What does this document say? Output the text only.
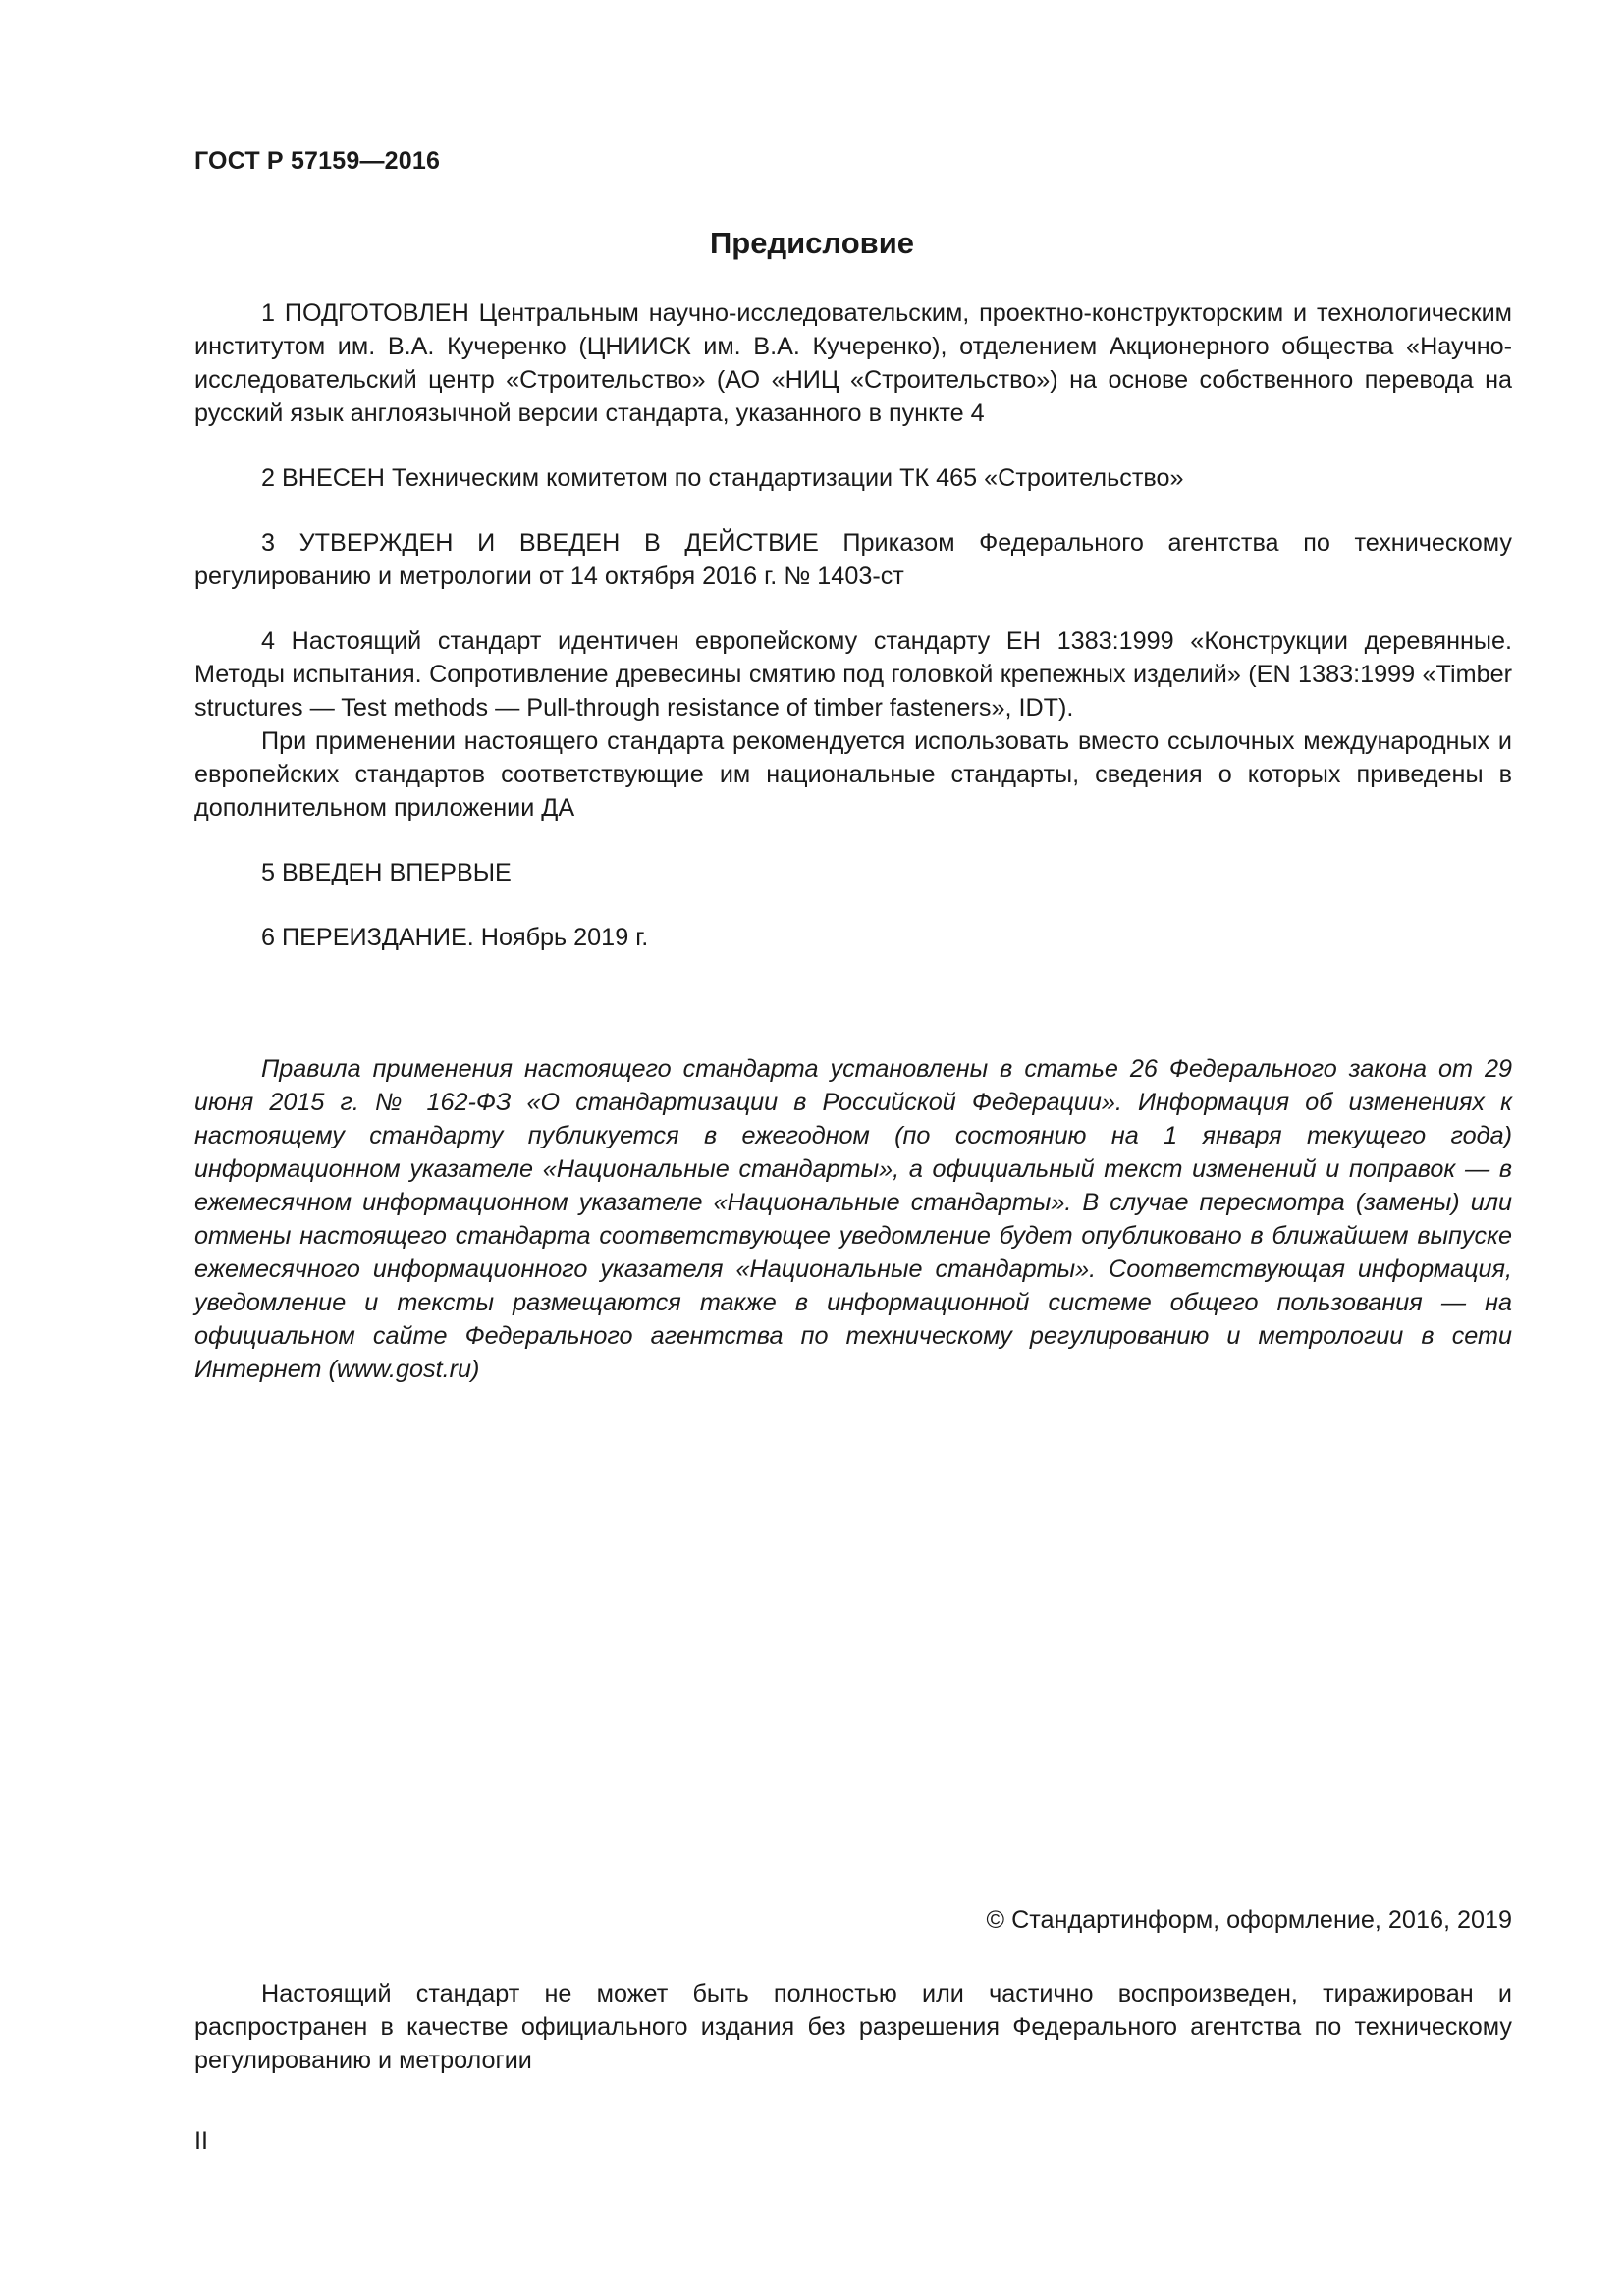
ГОСТ Р 57159—2016
Предисловие

1 ПОДГОТОВЛЕН Центральным научно-исследовательским, проектно-конструкторским и технологическим институтом им. В.А. Кучеренко (ЦНИИСК им. В.А. Кучеренко), отделением Акционерного общества «Научно-исследовательский центр «Строительство» (АО «НИЦ «Строительство») на основе собственного перевода на русский язык англоязычной версии стандарта, указанного в пункте 4

2 ВНЕСЕН Техническим комитетом по стандартизации ТК 465 «Строительство»

3 УТВЕРЖДЕН И ВВЕДЕН В ДЕЙСТВИЕ Приказом Федерального агентства по техническому регулированию и метрологии от 14 октября 2016 г. № 1403-ст

4 Настоящий стандарт идентичен европейскому стандарту ЕН 1383:1999 «Конструкции деревянные. Методы испытания. Сопротивление древесины смятию под головкой крепежных изделий» (EN 1383:1999 «Timber structures — Test methods — Pull-through resistance of timber fasteners», IDT).

При применении настоящего стандарта рекомендуется использовать вместо ссылочных международных и европейских стандартов соответствующие им национальные стандарты, сведения о которых приведены в дополнительном приложении ДА

5 ВВЕДЕН ВПЕРВЫЕ

6 ПЕРЕИЗДАНИЕ. Ноябрь 2019 г.

Правила применения настоящего стандарта установлены в статье 26 Федерального закона от 29 июня 2015 г. № 162-ФЗ «О стандартизации в Российской Федерации». Информация об изменениях к настоящему стандарту публикуется в ежегодном (по состоянию на 1 января текущего года) информационном указателе «Национальные стандарты», а официальный текст изменений и поправок — в ежемесячном информационном указателе «Национальные стандарты». В случае пересмотра (замены) или отмены настоящего стандарта соответствующее уведомление будет опубликовано в ближайшем выпуске ежемесячного информационного указателя «Национальные стандарты». Соответствующая информация, уведомление и тексты размещаются также в информационной системе общего пользования — на официальном сайте Федерального агентства по техническому регулированию и метрологии в сети Интернет (www.gost.ru)

© Стандартинформ, оформление, 2016, 2019

Настоящий стандарт не может быть полностью или частично воспроизведен, тиражирован и распространен в качестве официального издания без разрешения Федерального агентства по техническому регулированию и метрологии

II
